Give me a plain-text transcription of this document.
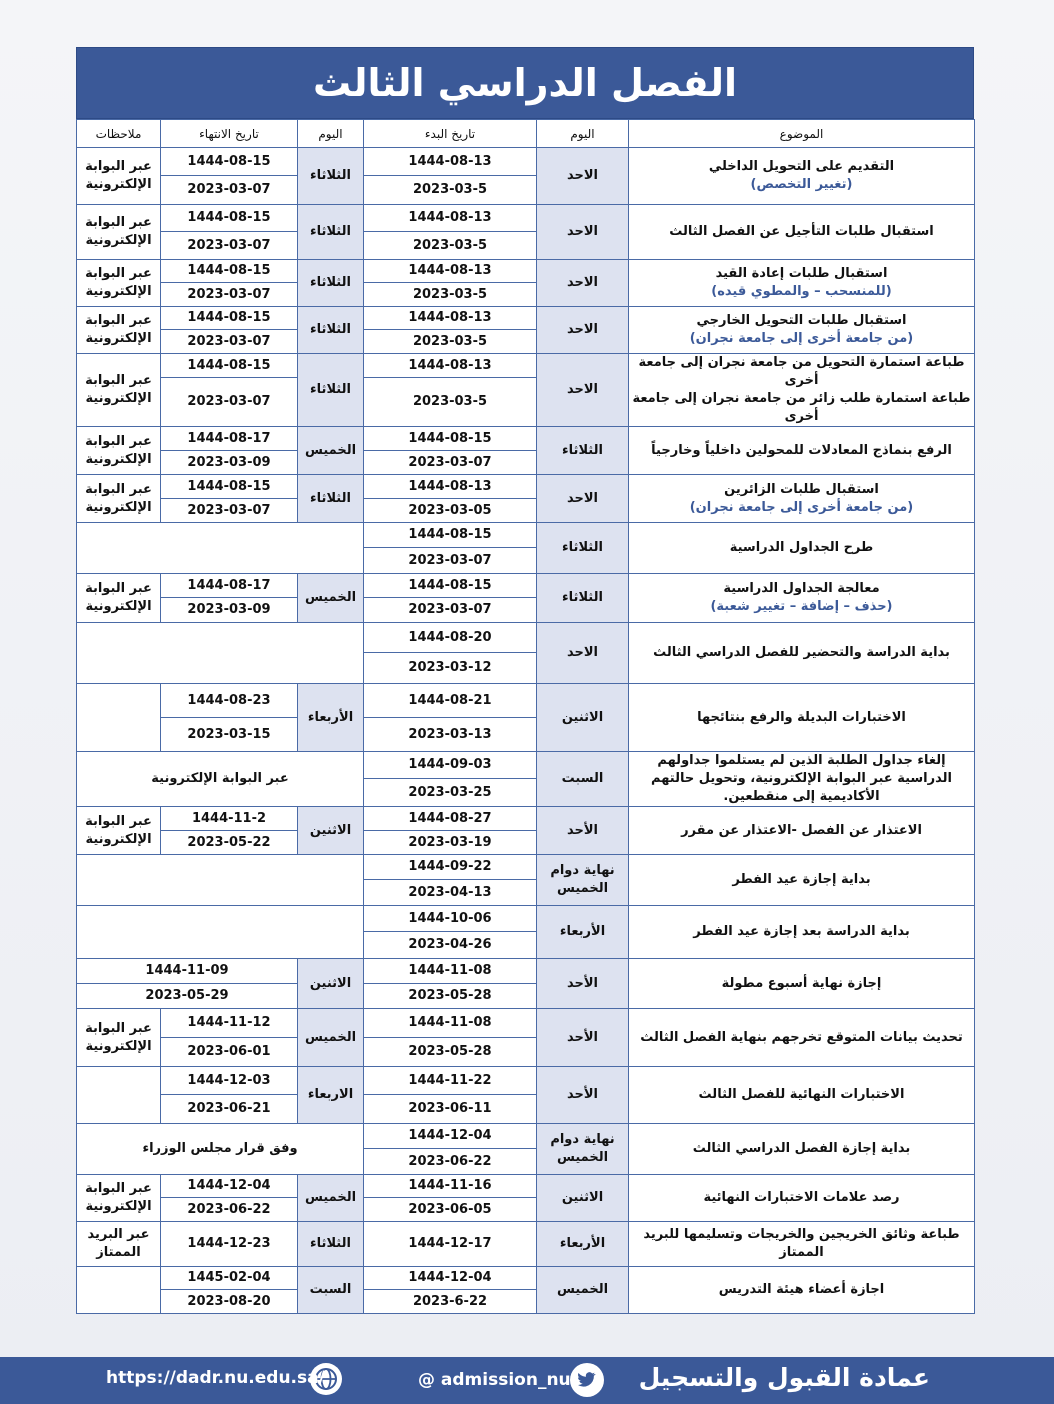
الفصل الدراسي الثالث
الموضوع	اليوم	تاريخ البدء	اليوم	تاريخ الانتهاء	ملاحظات
التقديم على التحويل الداخلي
(تغيير التخصص)	الاحد	1444-08-13	الثلاثاء	1444-08-15	عبر البوابة الإلكترونية
		2023-03-5		2023-03-07	
استقبال طلبات التأجيل عن الفصل الثالث	الاحد	1444-08-13	الثلاثاء	1444-08-15	عبر البوابة الإلكترونية
		2023-03-5		2023-03-07	
استقبال طلبات إعادة القيد
(للمنسحب – والمطوي قيده)	الاحد	1444-08-13	الثلاثاء	1444-08-15	عبر البوابة الإلكترونية
		2023-03-5		2023-03-07	
استقبال طلبات التحويل الخارجي
(من جامعة أخرى إلى جامعة نجران)	الاحد	1444-08-13	الثلاثاء	1444-08-15	عبر البوابة الإلكترونية
		2023-03-5		2023-03-07	
طباعة استمارة التحويل من جامعة نجران إلى جامعة أخرى
طباعة استمارة طلب زائر من جامعة نجران إلى جامعة أخرى	الاحد	1444-08-13	الثلاثاء	1444-08-15	عبر البوابة الإلكترونية
		2023-03-5		2023-03-07	
الرفع بنماذج المعادلات للمحولين داخلياً وخارجياً	الثلاثاء	1444-08-15	الخميس	1444-08-17	عبر البوابة الإلكترونية
		2023-03-07		2023-03-09	
استقبال طلبات الزائرين
(من جامعة أخرى إلى جامعة نجران)	الاحد	1444-08-13	الثلاثاء	1444-08-15	عبر البوابة الإلكترونية
		2023-03-05		2023-03-07	
طرح الجداول الدراسية	الثلاثاء	1444-08-15			
		2023-03-07			
معالجة الجداول الدراسية
(حذف – إضافة – تغيير شعبة)	الثلاثاء	1444-08-15	الخميس	1444-08-17	عبر البوابة الإلكترونية
		2023-03-07		2023-03-09	
بداية الدراسة والتحضير للفصل الدراسي الثالث	الاحد	1444-08-20			
		2023-03-12			
الاختبارات البديلة والرفع بنتائجها	الاثنين	1444-08-21	الأربعاء	1444-08-23	
		2023-03-13		2023-03-15	
إلغاء جداول الطلبة الذين لم يستلموا جداولهم الدراسية عبر البوابة الإلكترونية، وتحويل حالتهم الأكاديمية إلى منقطعين.	السبت	1444-09-03	عبر البوابة الإلكترونية		
		2023-03-25			
الاعتذار عن الفصل -الاعتذار عن مقرر	الأحد	1444-08-27	الاثنين	1444-11-2	عبر البوابة الإلكترونية
		2023-03-19		2023-05-22	
بداية إجازة عيد الفطر	نهاية دوام الخميس	1444-09-22			
		2023-04-13			
بداية الدراسة بعد إجازة عيد الفطر	الأربعاء	1444-10-06			
		2023-04-26			
إجازة نهاية أسبوع مطولة	الأحد	1444-11-08	الاثنين	1444-11-09	
		2023-05-28		2023-05-29	
تحديث بيانات المتوقع تخرجهم بنهاية الفصل الثالث	الأحد	1444-11-08	الخميس	1444-11-12	عبر البوابة الإلكترونية
		2023-05-28		2023-06-01	
الاختبارات النهائية للفصل الثالث	الأحد	1444-11-22	الاربعاء	1444-12-03	
		2023-06-11		2023-06-21	
بداية إجازة الفصل الدراسي الثالث	نهاية دوام الخميس	1444-12-04	وفق قرار مجلس الوزراء		
		2023-06-22			
رصد علامات الاختبارات النهائية	الاثنين	1444-11-16	الخميس	1444-12-04	عبر البوابة الإلكترونية
		2023-06-05		2023-06-22	
طباعة وثائق الخريجين والخريجات وتسليمها للبريد الممتاز	الأربعاء	1444-12-17	الثلاثاء	1444-12-23	عبر البريد الممتاز
اجازة أعضاء هيئة التدريس	الخميس	1444-12-04	السبت	1445-02-04	
		2023-6-22		2023-08-20	
عمادة القبول والتسجيل
@ admission_nu
https://dadr.nu.edu.sa/
